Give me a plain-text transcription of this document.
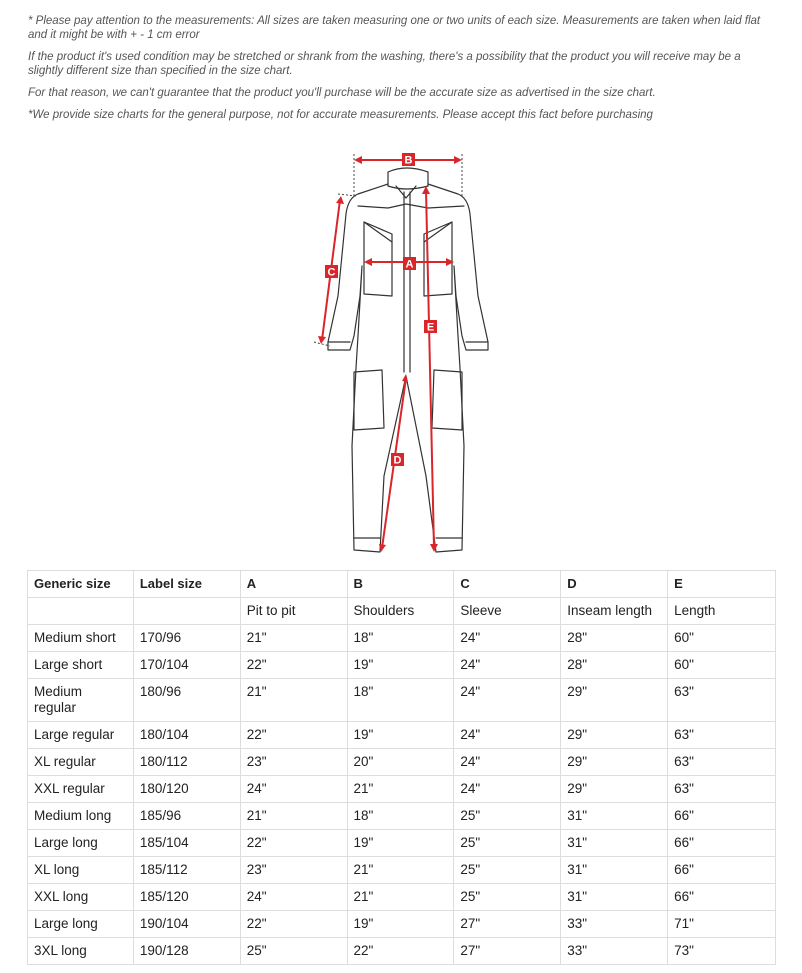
* Please pay attention to the measurements: All sizes are taken measuring one or two units of each size. Measurements are taken when laid flat and it might be with + - 1 cm error

If the product it's used condition may be stretched or shrank from the washing, there's a possibility that the product you will receive may be a slightly different size than specified in the size chart.

For that reason, we can't guarantee that the product you'll purchase will be the accurate size as advertised in the size chart.

*We provide size charts for the general purpose, not for accurate measurements. Please accept this fact before purchasing

B
A
C
E
D
Generic size	Label size	A	B	C	D	E
		Pit to pit	Shoulders	Sleeve	Inseam length	Length
Medium short	170/96	21"	18"	24"	28"	60"
Large short	170/104	22"	19"	24"	28"	60"
Medium regular	180/96	21"	18"	24"	29"	63"
Large regular	180/104	22"	19"	24"	29"	63"
XL regular	180/112	23"	20"	24"	29"	63"
XXL regular	180/120	24"	21"	24"	29"	63"
Medium long	185/96	21"	18"	25"	31"	66"
Large long	185/104	22"	19"	25"	31"	66"
XL long	185/112	23"	21"	25"	31"	66"
XXL long	185/120	24"	21"	25"	31"	66"
Large long	190/104	22"	19"	27"	33"	71"
3XL long	190/128	25"	22"	27"	33"	73"
